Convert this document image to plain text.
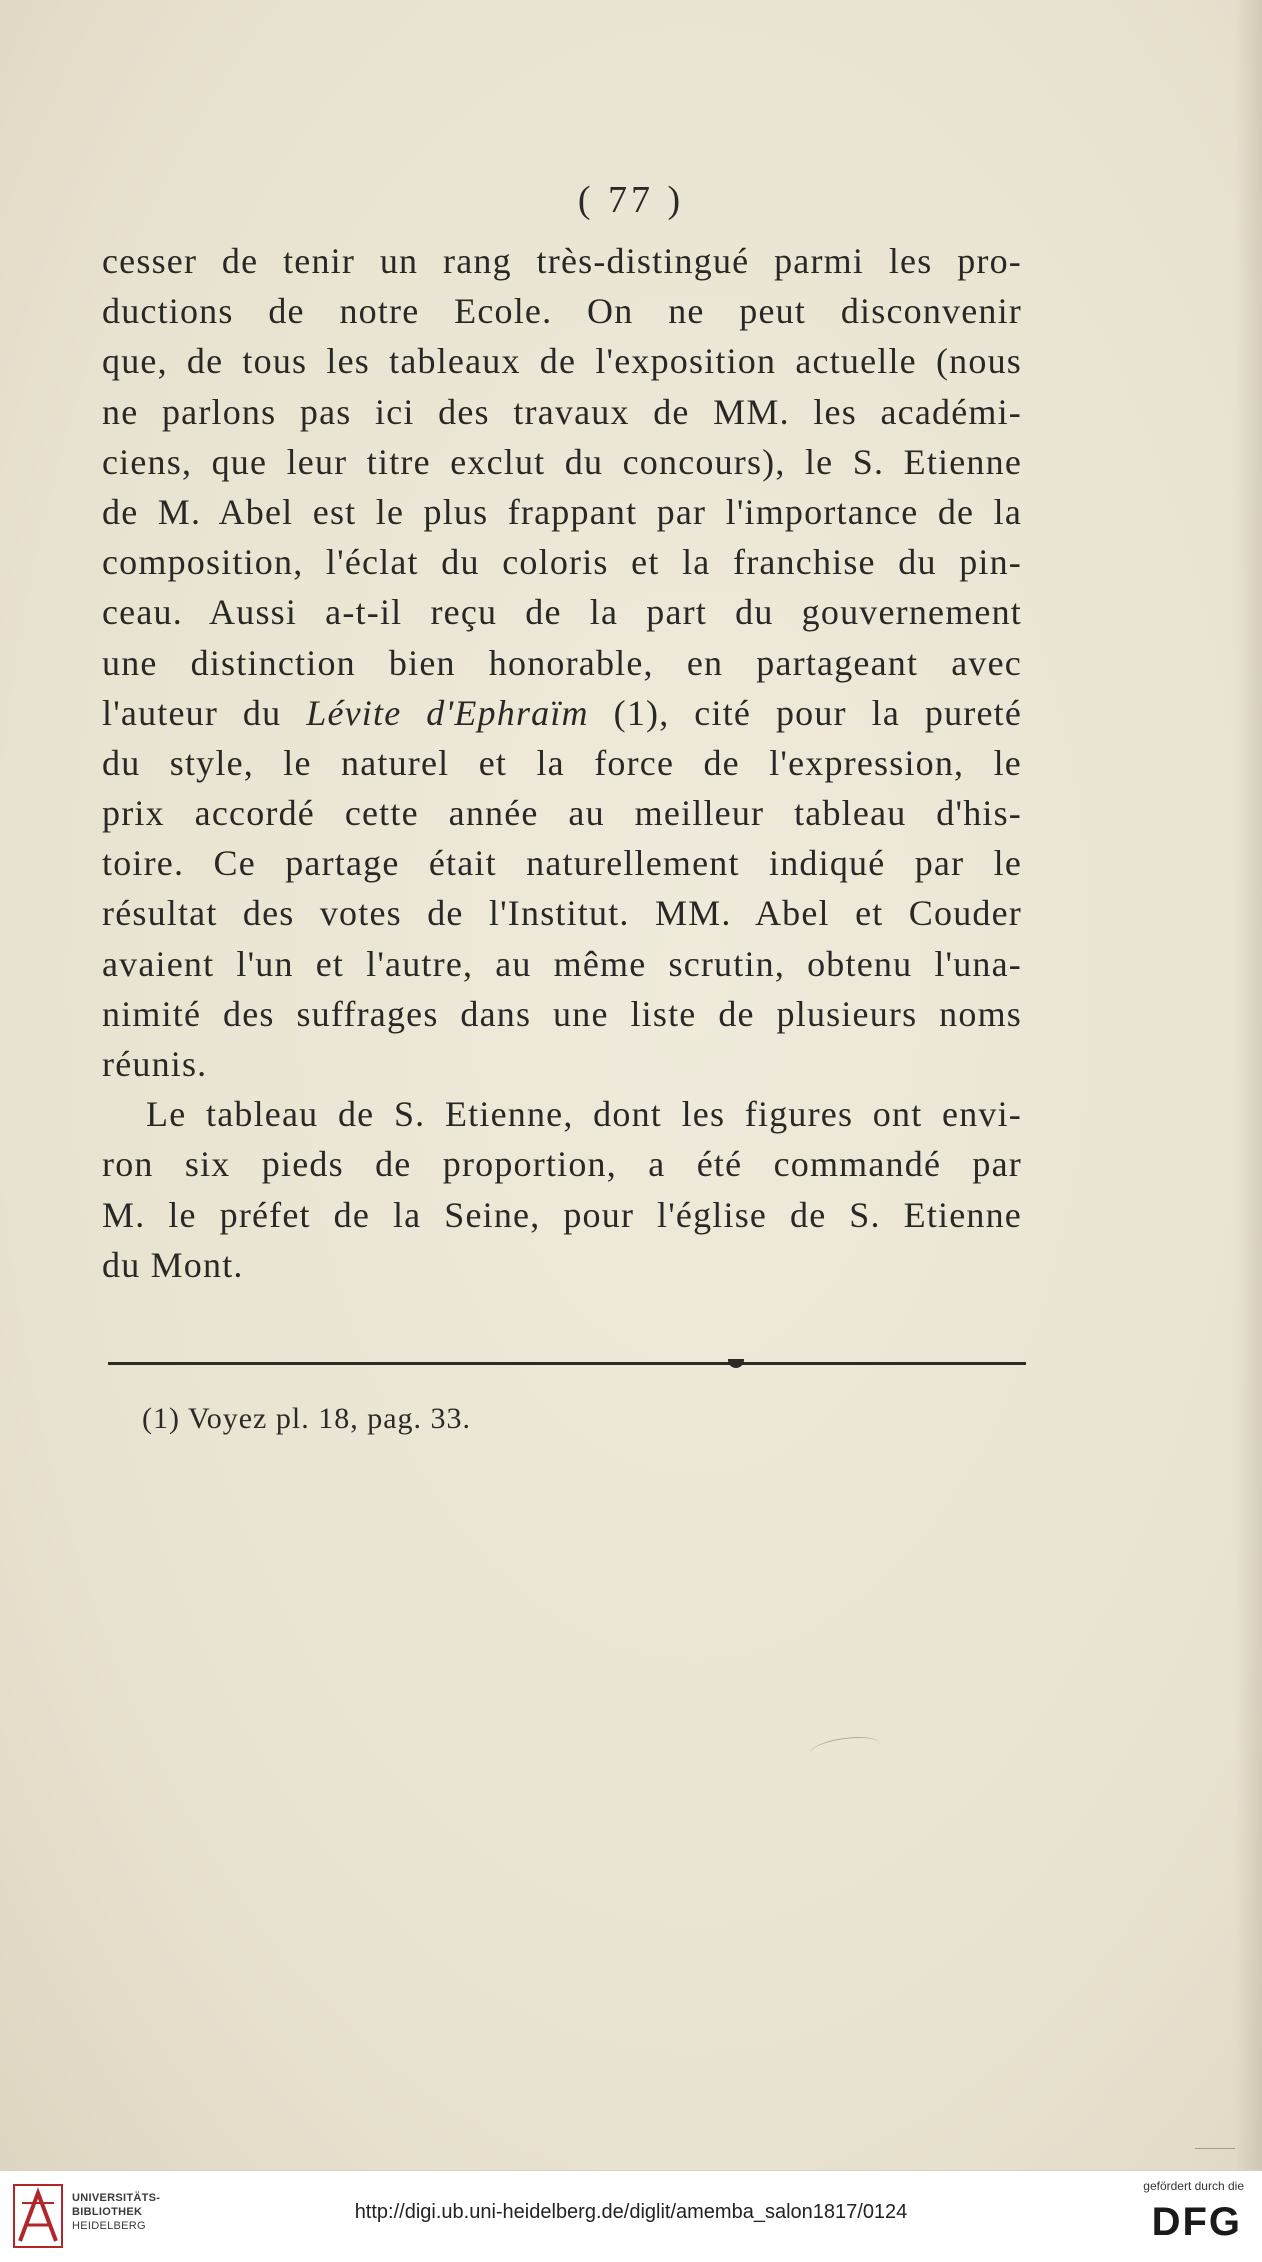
( 77 )
cesser de tenir un rang très-distingué parmi les pro-
ductions de notre Ecole. On ne peut disconvenir
que, de tous les tableaux de l'exposition actuelle (nous
ne parlons pas ici des travaux de MM. les académi-
ciens, que leur titre exclut du concours), le S. Etienne
de M. Abel est le plus frappant par l'importance de la
composition, l'éclat du coloris et la franchise du pin-
ceau. Aussi a-t-il reçu de la part du gouvernement
une distinction bien honorable, en partageant avec
l'auteur du Lévite d'Ephraïm (1), cité pour la pureté
du style, le naturel et la force de l'expression, le
prix accordé cette année au meilleur tableau d'his-
toire. Ce partage était naturellement indiqué par le
résultat des votes de l'Institut. MM. Abel et Couder
avaient l'un et l'autre, au même scrutin, obtenu l'una-
nimité des suffrages dans une liste de plusieurs noms
réunis.
Le tableau de S. Etienne, dont les figures ont envi-
ron six pieds de proportion, a été commandé par
M. le préfet de la Seine, pour l'église de S. Etienne
du Mont.
(1) Voyez pl. 18, pag. 33.
UNIVERSITÄTS-
BIBLIOTHEK
HEIDELBERG
http://digi.ub.uni-heidelberg.de/diglit/amemba_salon1817/0124
gefördert durch die
DFG
